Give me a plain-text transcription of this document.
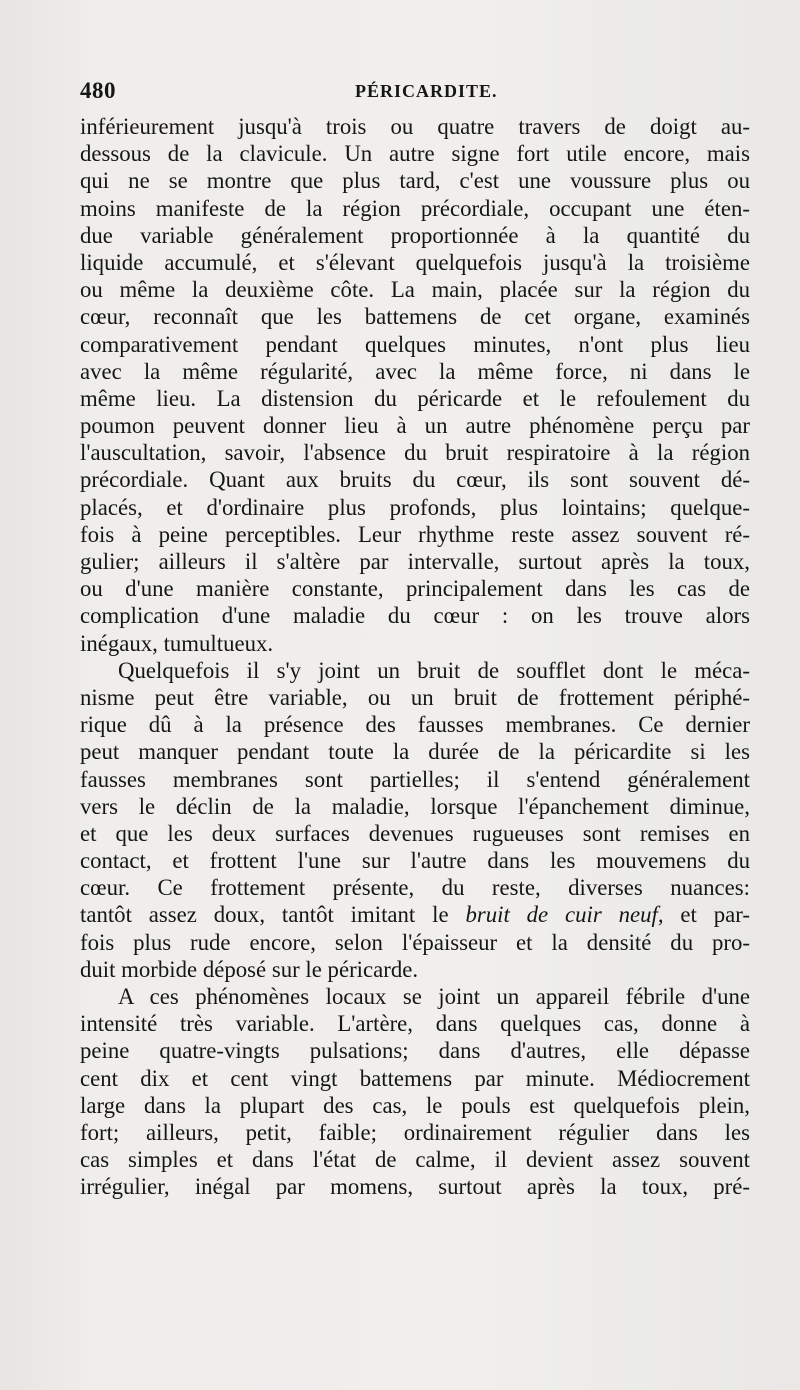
480	PÉRICARDITE.
inférieurement jusqu'à trois ou quatre travers de doigt au-
dessous de la clavicule. Un autre signe fort utile encore, mais
qui ne se montre que plus tard, c'est une voussure plus ou
moins manifeste de la région précordiale, occupant une éten-
due variable généralement proportionnée à la quantité du
liquide accumulé, et s'élevant quelquefois jusqu'à la troisième
ou même la deuxième côte. La main, placée sur la région du
cœur, reconnaît que les battemens de cet organe, examinés
comparativement pendant quelques minutes, n'ont plus lieu
avec la même régularité, avec la même force, ni dans le
même lieu. La distension du péricarde et le refoulement du
poumon peuvent donner lieu à un autre phénomène perçu par
l'auscultation, savoir, l'absence du bruit respiratoire à la région
précordiale. Quant aux bruits du cœur, ils sont souvent dé-
placés, et d'ordinaire plus profonds, plus lointains; quelque-
fois à peine perceptibles. Leur rhythme reste assez souvent ré-
gulier; ailleurs il s'altère par intervalle, surtout après la toux,
ou d'une manière constante, principalement dans les cas de
complication d'une maladie du cœur : on les trouve alors
inégaux, tumultueux.
Quelquefois il s'y joint un bruit de soufflet dont le méca-
nisme peut être variable, ou un bruit de frottement périphé-
rique dû à la présence des fausses membranes. Ce dernier
peut manquer pendant toute la durée de la péricardite si les
fausses membranes sont partielles; il s'entend généralement
vers le déclin de la maladie, lorsque l'épanchement diminue,
et que les deux surfaces devenues rugueuses sont remises en
contact, et frottent l'une sur l'autre dans les mouvemens du
cœur. Ce frottement présente, du reste, diverses nuances:
tantôt assez doux, tantôt imitant le bruit de cuir neuf, et par-
fois plus rude encore, selon l'épaisseur et la densité du pro-
duit morbide déposé sur le péricarde.
A ces phénomènes locaux se joint un appareil fébrile d'une
intensité très variable. L'artère, dans quelques cas, donne à
peine quatre-vingts pulsations; dans d'autres, elle dépasse
cent dix et cent vingt battemens par minute. Médiocrement
large dans la plupart des cas, le pouls est quelquefois plein,
fort; ailleurs, petit, faible; ordinairement régulier dans les
cas simples et dans l'état de calme, il devient assez souvent
irrégulier, inégal par momens, surtout après la toux, pré-
